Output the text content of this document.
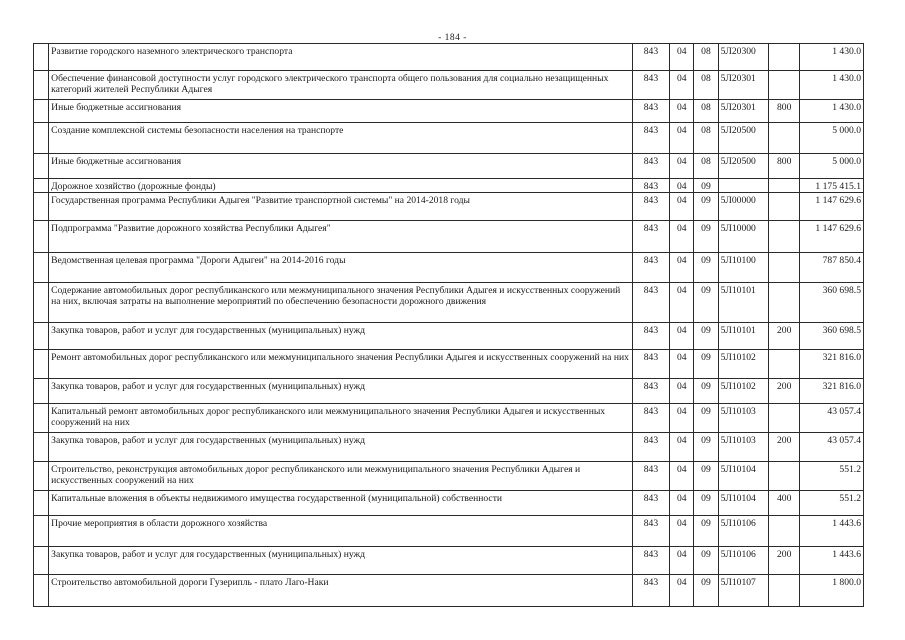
- 184 -
	Развитие городского наземного электрического транспорта	843	04	08	5Л20300		1 430.0
	Обеспечение финансовой доступности услуг городского электрического транспорта общего пользования для социально незащищенных категорий жителей Республики Адыгея	843	04	08	5Л20301		1 430.0
	Иные бюджетные ассигнования	843	04	08	5Л20301	800	1 430.0
	Создание комплексной системы безопасности населения на транспорте	843	04	08	5Л20500		5 000.0
	Иные бюджетные ассигнования	843	04	08	5Л20500	800	5 000.0
	Дорожное хозяйство (дорожные фонды)	843	04	09			1 175 415.1
	Государственная программа Республики Адыгея "Развитие транспортной системы" на 2014-2018 годы	843	04	09	5Л00000		1 147 629.6
	Подпрограмма "Развитие дорожного хозяйства Республики Адыгея"	843	04	09	5Л10000		1 147 629.6
	Ведомственная целевая программа "Дороги Адыгеи" на 2014-2016 годы	843	04	09	5Л10100		787 850.4
	Содержание автомобильных дорог республиканского или межмуниципального значения Республики Адыгея и искусственных сооружений на них, включая затраты на выполнение мероприятий по обеспечению безопасности дорожного движения	843	04	09	5Л10101		360 698.5
	Закупка товаров, работ и услуг для государственных (муниципальных) нужд	843	04	09	5Л10101	200	360 698.5
	Ремонт автомобильных дорог республиканского или межмуниципального значения Республики Адыгея и искусственных сооружений на них	843	04	09	5Л10102		321 816.0
	Закупка товаров, работ и услуг для государственных (муниципальных) нужд	843	04	09	5Л10102	200	321 816.0
	Капитальный ремонт автомобильных дорог республиканского или межмуниципального значения Республики Адыгея и искусственных сооружений на них	843	04	09	5Л10103		43 057.4
	Закупка товаров, работ и услуг для государственных (муниципальных) нужд	843	04	09	5Л10103	200	43 057.4
	Строительство, реконструкция автомобильных дорог республиканского или межмуниципального значения Республики Адыгея и искусственных сооружений на них	843	04	09	5Л10104		551.2
	Капитальные вложения в объекты недвижимого имущества государственной (муниципальной) собственности	843	04	09	5Л10104	400	551.2
	Прочие мероприятия в области дорожного хозяйства	843	04	09	5Л10106		1 443.6
	Закупка товаров, работ и услуг для государственных (муниципальных) нужд	843	04	09	5Л10106	200	1 443.6
	Строительство автомобильной дороги Гузерипль - плато Лаго-Наки	843	04	09	5Л10107		1 800.0
